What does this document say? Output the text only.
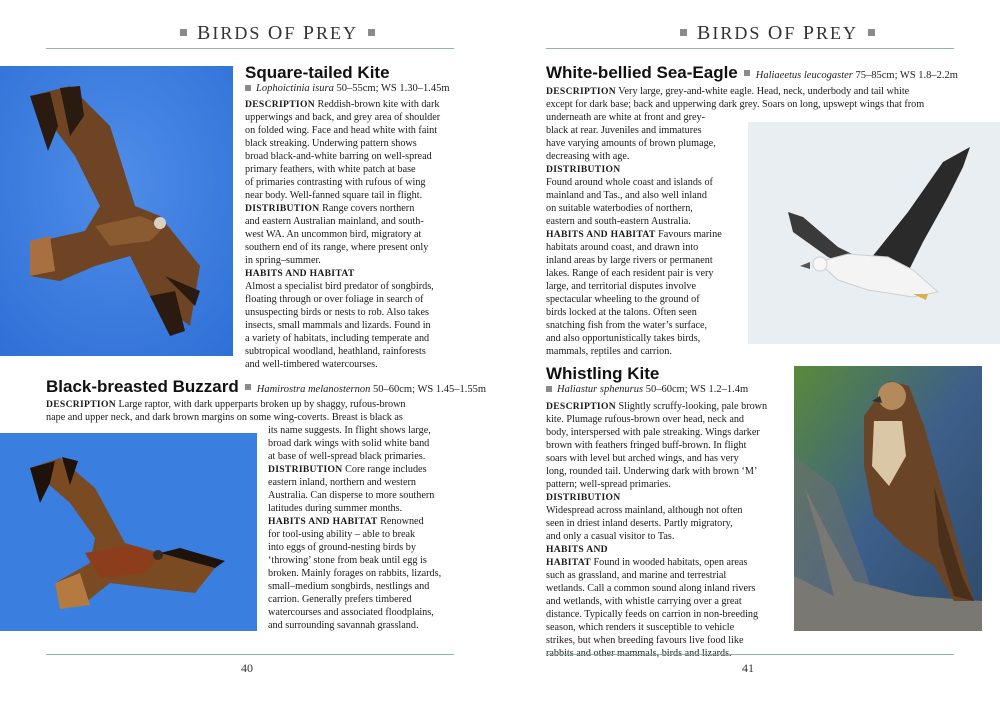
BIRDS OF PREY
Square-tailed Kite
Lophoictinia isura 50–55cm; WS 1.30–1.45m
DESCRIPTION Reddish-brown kite with dark
upperwings and back, and grey area of shoulder
on folded wing. Face and head white with faint
black streaking. Underwing pattern shows
broad black-and-white barring on well-spread
primary feathers, with white patch at base
of primaries contrasting with rufous of wing
near body. Well-fanned square tail in flight.
DISTRIBUTION Range covers northern
and eastern Australian mainland, and south-
west WA. An uncommon bird, migratory at
southern end of its range, where present only
in spring–summer.
HABITS AND HABITAT
Almost a specialist bird predator of songbirds,
floating through or over foliage in search of
unsuspecting birds or nests to rob. Also takes
insects, small mammals and lizards. Found in
a variety of habitats, including temperate and
subtropical woodland, heathland, rainforests
and well-timbered watercourses.
Black-breasted Buzzard Hamirostra melanosternon 50–60cm; WS 1.45–1.55m
DESCRIPTION Large raptor, with dark upperparts broken up by shaggy, rufous-brown
nape and upper neck, and dark brown margins on some wing-coverts. Breast is black as
its name suggests. In flight shows large,
broad dark wings with solid white band
at base of well-spread black primaries.
DISTRIBUTION Core range includes
eastern inland, northern and western
Australia. Can disperse to more southern
latitudes during summer months.
HABITS AND HABITAT Renowned
for tool-using ability – able to break
into eggs of ground-nesting birds by
‘throwing’ stone from beak until egg is
broken. Mainly forages on rabbits, lizards,
small–medium songbirds, nestlings and
carrion. Generally prefers timbered
watercourses and associated floodplains,
and surrounding savannah grassland.
40
BIRDS OF PREY
White-bellied Sea-Eagle Haliaeetus leucogaster 75–85cm; WS 1.8–2.2m
DESCRIPTION Very large, grey-and-white eagle. Head, neck, underbody and tail white
except for dark base; back and upperwing dark grey. Soars on long, upswept wings that from
underneath are white at front and grey-
black at rear. Juveniles and immatures
have varying amounts of brown plumage,
decreasing with age.
DISTRIBUTION
Found around whole coast and islands of
mainland and Tas., and also well inland
on suitable waterbodies of northern,
eastern and south-eastern Australia.
HABITS AND HABITAT Favours marine
habitats around coast, and drawn into
inland areas by large rivers or permanent
lakes. Range of each resident pair is very
large, and territorial disputes involve
spectacular wheeling to the ground of
birds locked at the talons. Often seen
snatching fish from the water’s surface,
and also opportunistically takes birds,
mammals, reptiles and carrion.
Whistling Kite
Haliastur sphenurus 50–60cm; WS 1.2–1.4m
DESCRIPTION Slightly scruffy-looking, pale brown
kite. Plumage rufous-brown over head, neck and
body, interspersed with pale streaking. Wings darker
brown with feathers fringed buff-brown. In flight
soars with level but arched wings, and has very
long, rounded tail. Underwing dark with brown ‘M’
pattern; well-spread primaries.
DISTRIBUTION
Widespread across mainland, although not often
seen in driest inland deserts. Partly migratory,
and only a casual visitor to Tas.
HABITS AND
HABITAT Found in wooded habitats, open areas
such as grassland, and marine and terrestrial
wetlands. Call a common sound along inland rivers
and wetlands, with whistle carrying over a great
distance. Typically feeds on carrion in non-breeding
season, which renders it susceptible to vehicle
strikes, but when breeding favours live food like
41
